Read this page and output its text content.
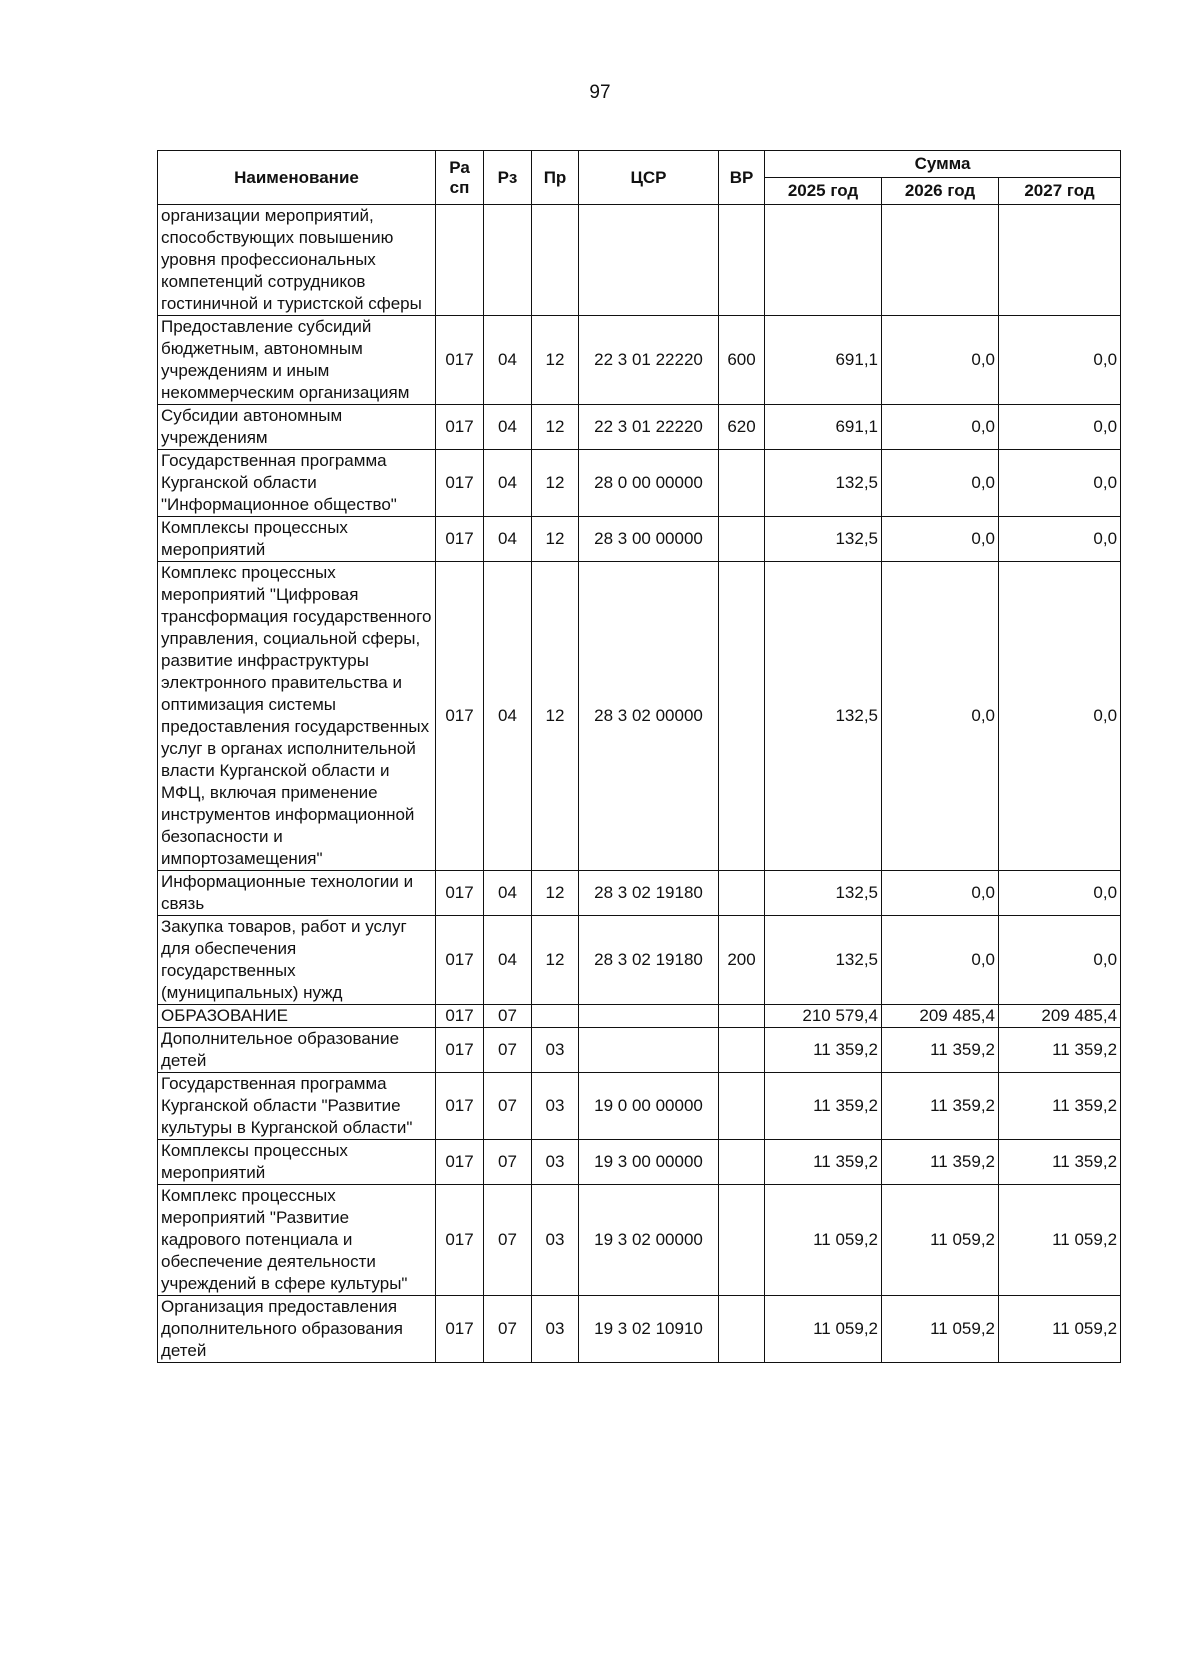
97
Наименование	Ра сп	Рз	Пр	ЦСР	ВР	Сумма		
						2025 год	2026 год	2027 год
организации мероприятий, способствующих повышению уровня профессиональных компетенций сотрудников гостиничной и туристской сферы								
Предоставление субсидий бюджетным, автономным учреждениям и иным некоммерческим организациям	017	04	12	22 3 01 22220	600	691,1	0,0	0,0
Субсидии автономным учреждениям	017	04	12	22 3 01 22220	620	691,1	0,0	0,0
Государственная программа Курганской области "Информационное общество"	017	04	12	28 0 00 00000		132,5	0,0	0,0
Комплексы процессных мероприятий	017	04	12	28 3 00 00000		132,5	0,0	0,0
Комплекс процессных мероприятий "Цифровая трансформация государственного управления, социальной сферы, развитие инфраструктуры электронного правительства и оптимизация системы предоставления государственных услуг в органах исполнительной власти Курганской области и МФЦ, включая применение инструментов информационной безопасности и импортозамещения"	017	04	12	28 3 02 00000		132,5	0,0	0,0
Информационные технологии и связь	017	04	12	28 3 02 19180		132,5	0,0	0,0
Закупка товаров, работ и услуг для обеспечения государственных (муниципальных) нужд	017	04	12	28 3 02 19180	200	132,5	0,0	0,0
ОБРАЗОВАНИЕ	017	07				210 579,4	209 485,4	209 485,4
Дополнительное образование детей	017	07	03			11 359,2	11 359,2	11 359,2
Государственная программа Курганской области "Развитие культуры в Курганской области"	017	07	03	19 0 00 00000		11 359,2	11 359,2	11 359,2
Комплексы процессных мероприятий	017	07	03	19 3 00 00000		11 359,2	11 359,2	11 359,2
Комплекс процессных мероприятий "Развитие кадрового потенциала и обеспечение деятельности учреждений в сфере культуры"	017	07	03	19 3 02 00000		11 059,2	11 059,2	11 059,2
Организация предоставления дополнительного образования детей	017	07	03	19 3 02 10910		11 059,2	11 059,2	11 059,2
